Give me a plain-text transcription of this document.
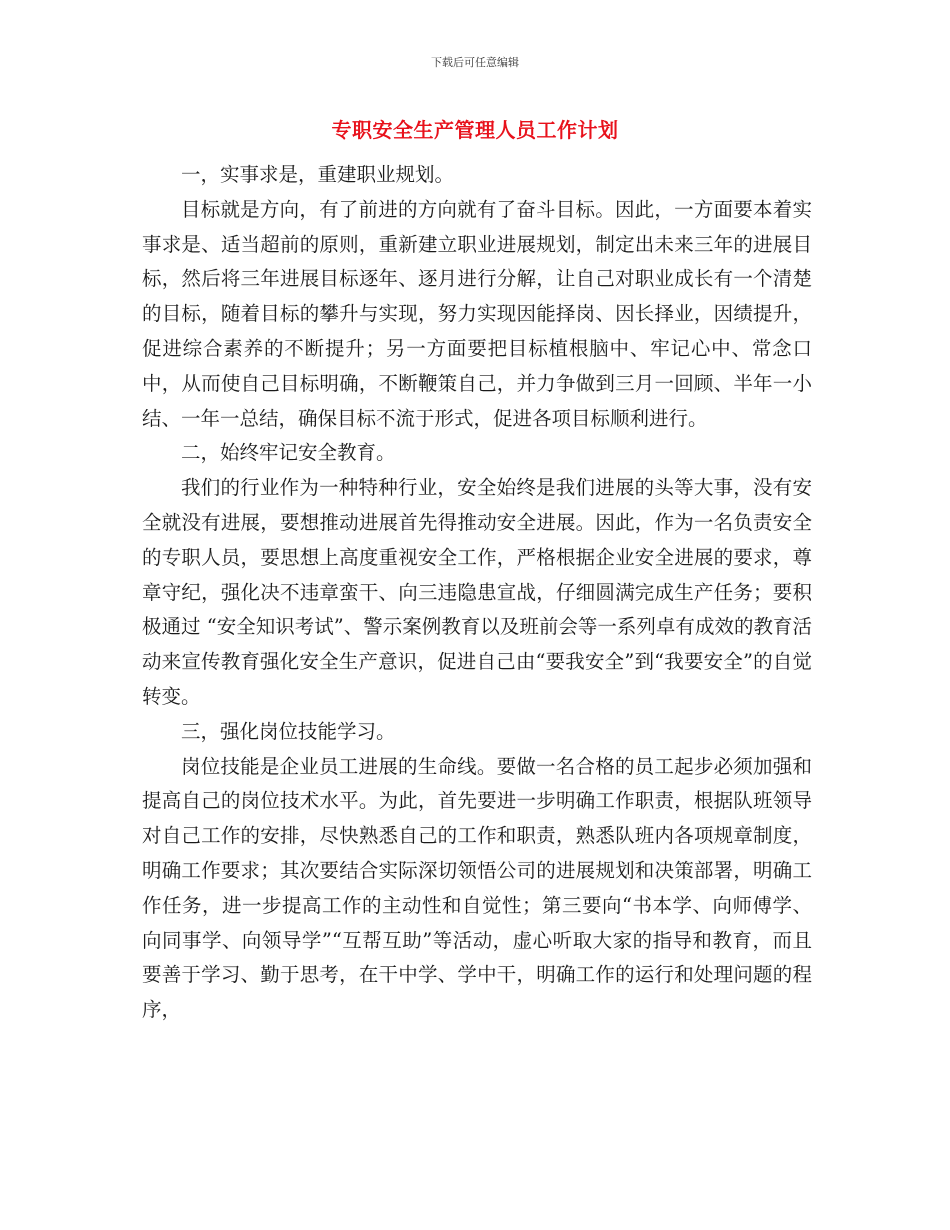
下载后可任意编辑
专职安全生产管理人员工作计划

一，实事求是，重建职业规划。

目标就是方向，有了前进的方向就有了奋斗目标。因此，一方面要本着实事求是、适当超前的原则，重新建立职业进展规划，制定出未来三年的进展目标，然后将三年进展目标逐年、逐月进行分解，让自己对职业成长有一个清楚的目标，随着目标的攀升与实现，努力实现因能择岗、因长择业，因绩提升，促进综合素养的不断提升；另一方面要把目标植根脑中、牢记心中、常念口中，从而使自己目标明确，不断鞭策自己，并力争做到三月一回顾、半年一小结、一年一总结，确保目标不流于形式，促进各项目标顺利进行。

二，始终牢记安全教育。

我们的行业作为一种特种行业，安全始终是我们进展的头等大事，没有安全就没有进展，要想推动进展首先得推动安全进展。因此，作为一名负责安全的专职人员，要思想上高度重视安全工作，严格根据企业安全进展的要求，尊章守纪，强化决不违章蛮干、向三违隐患宣战，仔细圆满完成生产任务；要积极通过 “安全知识考试”、警示案例教育以及班前会等一系列卓有成效的教育活动来宣传教育强化安全生产意识，促进自己由“要我安全”到“我要安全”的自觉转变。

三，强化岗位技能学习。

岗位技能是企业员工进展的生命线。要做一名合格的员工起步必须加强和提高自己的岗位技术水平。为此，首先要进一步明确工作职责，根据队班领导对自己工作的安排，尽快熟悉自己的工作和职责，熟悉队班内各项规章制度，明确工作要求；其次要结合实际深切领悟公司的进展规划和决策部署，明确工作任务，进一步提高工作的主动性和自觉性；第三要向“书本学、向师傅学、向同事学、向领导学”“互帮互助”等活动，虚心听取大家的指导和教育，而且要善于学习、勤于思考，在干中学、学中干，明确工作的运行和处理问题的程序，
